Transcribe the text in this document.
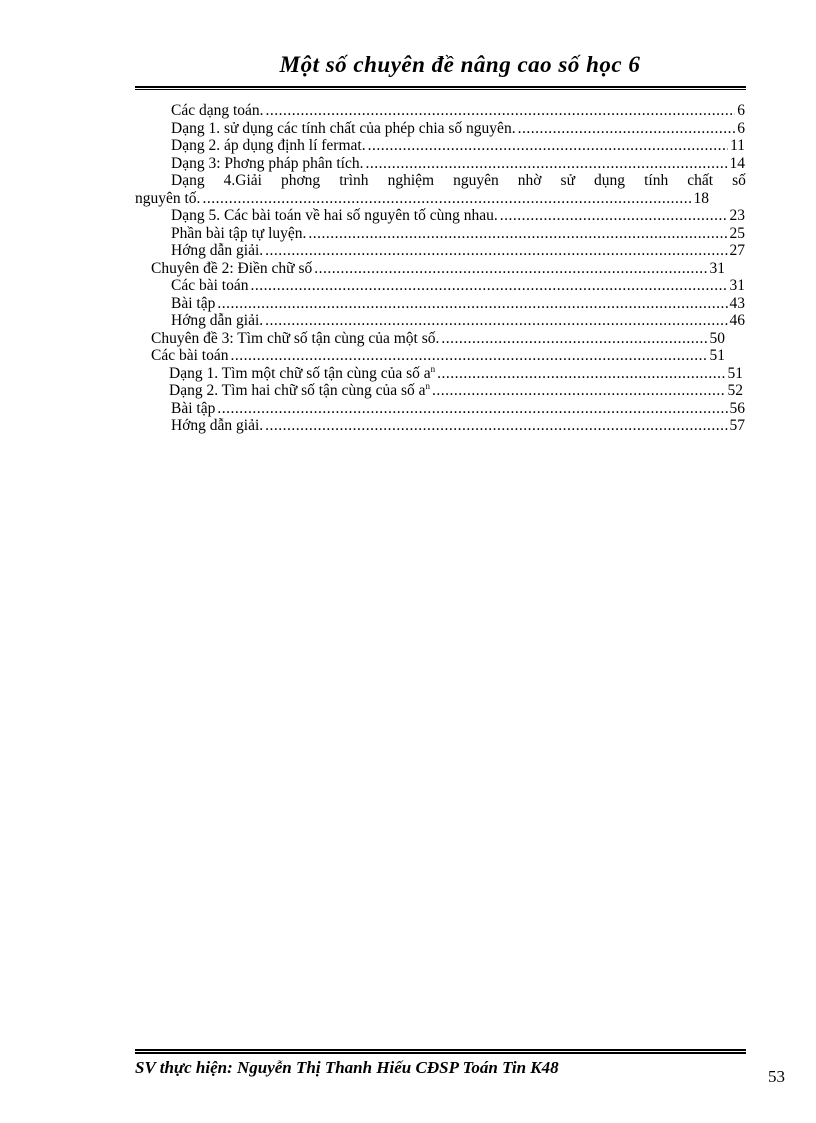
Một số chuyên đề nâng cao số học 6
Các dạng toán. .....	6
Dạng 1. sử dụng các tính chất của phép chia số nguyên. .....	6
Dạng 2. áp dụng định lí fermat. .....	11
Dạng 3: Phơng pháp phân tích. .....	14
Dạng 4.Giải phơng trình nghiệm nguyên nhờ sử dụng tính chất số
nguyên tố. .....	18
Dạng 5. Các bài toán về hai số nguyên tố cùng nhau. .....	23
Phần bài tập tự luyện. .....	25
Hớng dẫn giải. .....	27
Chuyên đề 2: Điền chữ số .....	31
Các bài toán .....	31
Bài tập .....	43
Hớng dẫn giải. .....	46
Chuyên đề 3: Tìm chữ số tận cùng của một số. .....	50
Các bài toán .....	51
Dạng 1. Tìm một chữ số tận cùng của số $a^n$ .....	51
Dạng 2. Tìm hai chữ số tận cùng của số $a^n$ .....	52
Bài tập .....	56
Hớng dẫn giải. .....	57
SV thực hiện: Nguyễn Thị Thanh Hiếu CĐSP Toán Tin K48	53
